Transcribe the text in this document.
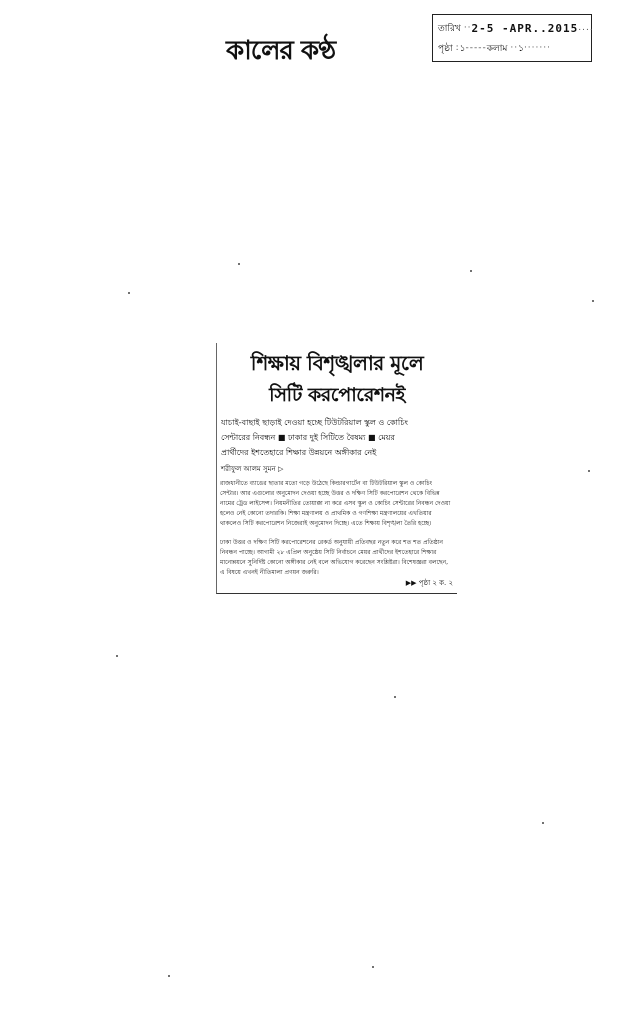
কালের কণ্ঠ
তারিখ ·· 2-5 -APR..2015 ....
পৃষ্ঠা : ১ ----- কলাম ·· ১ ·······
শিক্ষায় বিশৃঙ্খলার মূলে
সিটি করপোরেশনই
যাচাই-বাছাই ছাড়াই দেওয়া হচ্ছে টিউটরিয়াল স্কুল ও কোচিং
সেন্টারের নিবন্ধন ■ ঢাকার দুই সিটিতে বৈষম্য ■ মেয়র
প্রার্থীদের ইশতেহারে শিক্ষার উন্নয়নে অঙ্গীকার নেই
শরীফুল আলম সুমন ▷
রাজধানীতে ব্যাঙের ছাতার মতো গড়ে উঠেছে কিন্ডারগার্টেন বা টিউটরিয়াল স্কুল ও কোচিং
সেন্টার। আর এগুলোর অনুমোদন দেওয়া হচ্ছে উত্তর ও দক্ষিণ সিটি করপোরেশন থেকে বিভিন্ন
নামের ট্রেড লাইসেন্স। নিয়মনীতির তোয়াক্কা না করে এসব স্কুল ও কোচিং সেন্টারের নিবন্ধন দেওয়া
হলেও নেই কোনো তদারকি। শিক্ষা মন্ত্রণালয় ও প্রাথমিক ও গণশিক্ষা মন্ত্রণালয়ের এখতিয়ার
থাকলেও সিটি করপোরেশন নিজেরাই অনুমোদন দিচ্ছে। এতে শিক্ষায় বিশৃঙ্খলা তৈরি হচ্ছে।
ঢাকা উত্তর ও দক্ষিণ সিটি করপোরেশনের রেকর্ড অনুযায়ী প্রতিবছর নতুন করে শত শত প্রতিষ্ঠান
নিবন্ধন পাচ্ছে। আগামী ২৮ এপ্রিল অনুষ্ঠেয় সিটি নির্বাচনে মেয়র প্রার্থীদের ইশতেহারে শিক্ষার
মানোন্নয়নে সুনির্দিষ্ট কোনো অঙ্গীকার নেই বলে অভিযোগ করেছেন সংশ্লিষ্টরা। বিশেষজ্ঞরা বলছেন,
এ বিষয়ে এখনই নীতিমালা প্রণয়ন জরুরি।
▶▶ পৃষ্ঠা ২ ক. ২
